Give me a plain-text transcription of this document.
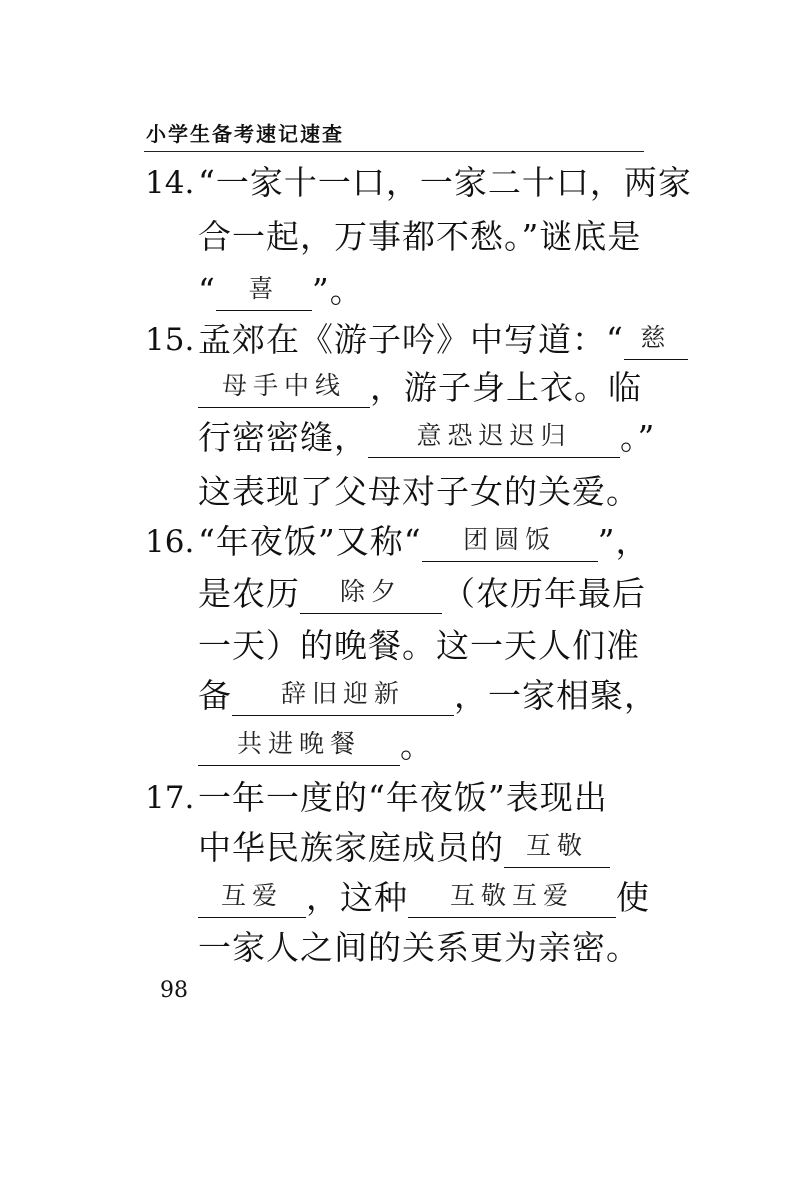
小学生备考速记速查
14. “一家十一口，一家二十口，两家
合一起，万事都不愁。”谜底是
“ 喜 ”。
15. 孟郊在《游子吟》中写道：“ 慈
母手中线 ，游子身上衣。临
行密密缝， 意恐迟迟归 。”
这表现了父母对子女的关爱。
16. “年夜饭”又称“ 团圆饭 ”，
是农历 除夕 （农历年最后
一天）的晚餐。这一天人们准
备 辞旧迎新 ，一家相聚，
共进晚餐 。
17. 一年一度的“年夜饭”表现出
中华民族家庭成员的 互敬
互爱 ，这种 互敬互爱 使
一家人之间的关系更为亲密。
98
